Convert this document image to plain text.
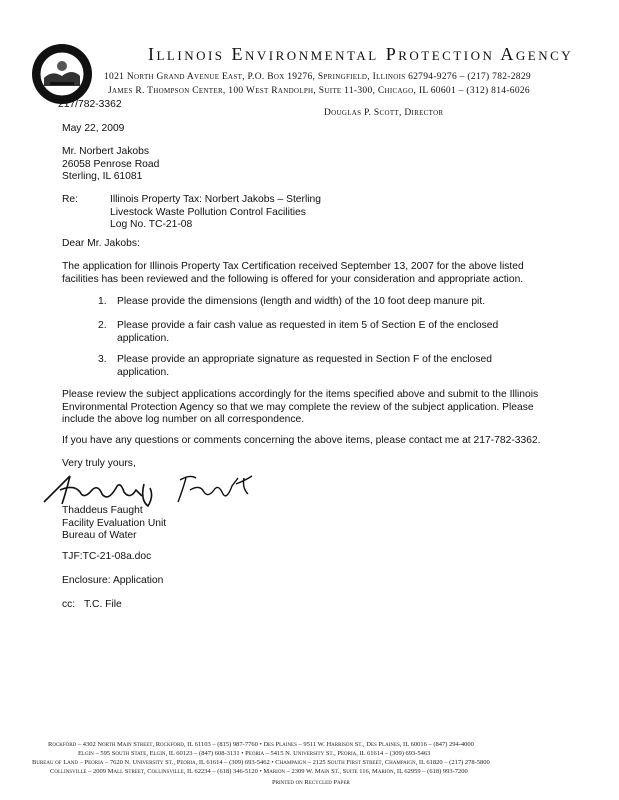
Illinois Environmental Protection Agency
1021 North Grand Avenue East, P.O. Box 19276, Springfield, Illinois 62794-9276 – (217) 782-2829
James R. Thompson Center, 100 West Randolph, Suite 11-300, Chicago, IL 60601 – (312) 814-6026
217/782-3362
Douglas P. Scott, Director
May 22, 2009
Mr. Norbert Jakobs
26058 Penrose Road
Sterling, IL 61081
Re:	Illinois Property Tax: Norbert Jakobs – Sterling
Livestock Waste Pollution Control Facilities
Log No. TC-21-08
Dear Mr. Jakobs:
The application for Illinois Property Tax Certification received September 13, 2007 for the above listed
facilities has been reviewed and the following is offered for your consideration and appropriate action.
1. Please provide the dimensions (length and width) of the 10 foot deep manure pit.
2. Please provide a fair cash value as requested in item 5 of Section E of the enclosed
application.
3. Please provide an appropriate signature as requested in Section F of the enclosed
application.
Please review the subject applications accordingly for the items specified above and submit to the Illinois
Environmental Protection Agency so that we may complete the review of the subject application. Please
include the above log number on all correspondence.
If you have any questions or comments concerning the above items, please contact me at 217-782-3362.
Very truly yours,
Thaddeus Faught
Facility Evaluation Unit
Bureau of Water
TJF:TC-21-08a.doc
Enclosure: Application
cc: T.C. File
Rockford – 4302 North Main Street, Rockford, IL 61103 – (815) 987-7760 • Des Plaines – 9511 W. Harrison St., Des Plaines, IL 60016 – (847) 294-4000
Elgin – 595 South State, Elgin, IL 60123 – (847) 608-3131 • Peoria – 5415 N. University St., Peoria, IL 61614 – (309) 693-5463
Bureau of Land – Peoria – 7620 N. University St., Peoria, IL 61614 – (309) 693-5462 • Champaign – 2125 South First Street, Champaign, IL 61820 – (217) 278-5800
Collinsville – 2009 Mall Street, Collinsville, IL 62234 – (618) 346-5120 • Marion – 2309 W. Main St., Suite 116, Marion, IL 62959 – (618) 993-7200
Printed on Recycled Paper
